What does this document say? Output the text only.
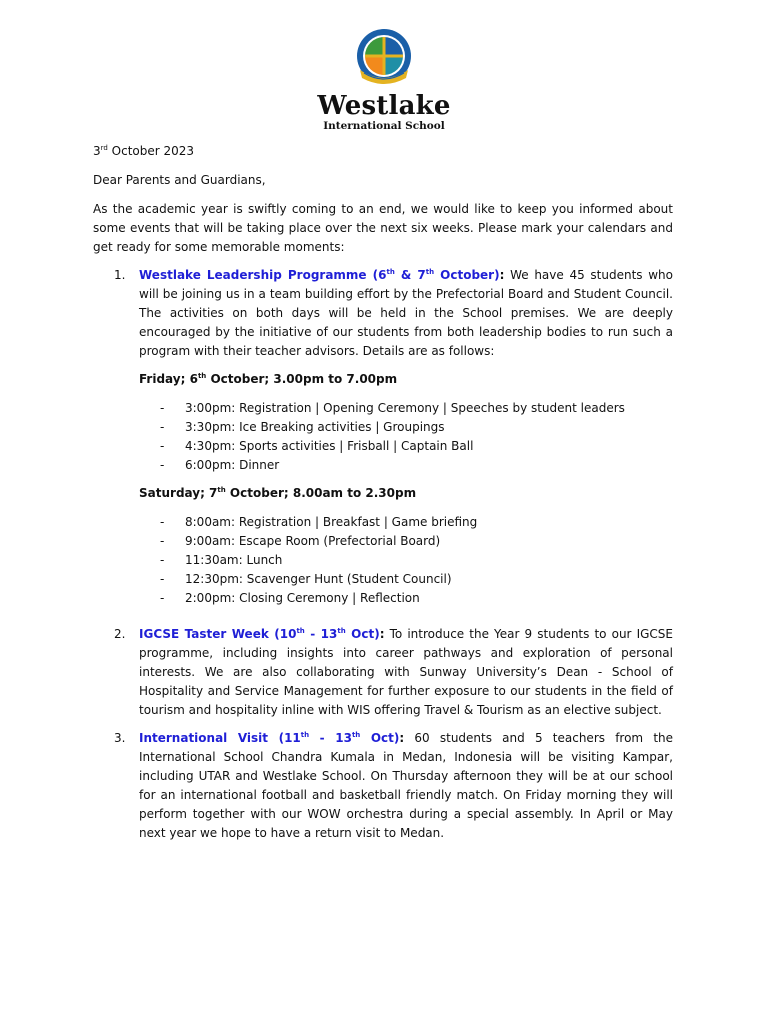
Westlake
International School

3rd October 2023

Dear Parents and Guardians,

As the academic year is swiftly coming to an end, we would like to keep you informed about some events that will be taking place over the next six weeks. Please mark your calendars and get ready for some memorable moments:

1. Westlake Leadership Programme (6th & 7th October): We have 45 students who will be joining us in a team building effort by the Prefectorial Board and Student Council. The activities on both days will be held in the School premises. We are deeply encouraged by the initiative of our students from both leadership bodies to run such a program with their teacher advisors. Details are as follows:

Friday; 6th October; 3.00pm to 7.00pm

- 3:00pm: Registration | Opening Ceremony | Speeches by student leaders
- 3:30pm: Ice Breaking activities | Groupings
- 4:30pm: Sports activities | Frisball | Captain Ball
- 6:00pm: Dinner

Saturday; 7th October; 8.00am to 2.30pm

- 8:00am: Registration | Breakfast | Game briefing
- 9:00am: Escape Room (Prefectorial Board)
- 11:30am: Lunch
- 12:30pm: Scavenger Hunt (Student Council)
- 2:00pm: Closing Ceremony | Reflection
2. IGCSE Taster Week (10th - 13th Oct): To introduce the Year 9 students to our IGCSE programme, including insights into career pathways and exploration of personal interests. We are also collaborating with Sunway University’s Dean - School of Hospitality and Service Management for further exposure to our students in the field of tourism and hospitality inline with WIS offering Travel & Tourism as an elective subject.
3. International Visit (11th - 13th Oct): 60 students and 5 teachers from the International School Chandra Kumala in Medan, Indonesia will be visiting Kampar, including UTAR and Westlake School. On Thursday afternoon they will be at our school for an international football and basketball friendly match. On Friday morning they will perform together with our WOW orchestra during a special assembly. In April or May next year we hope to have a return visit to Medan.
